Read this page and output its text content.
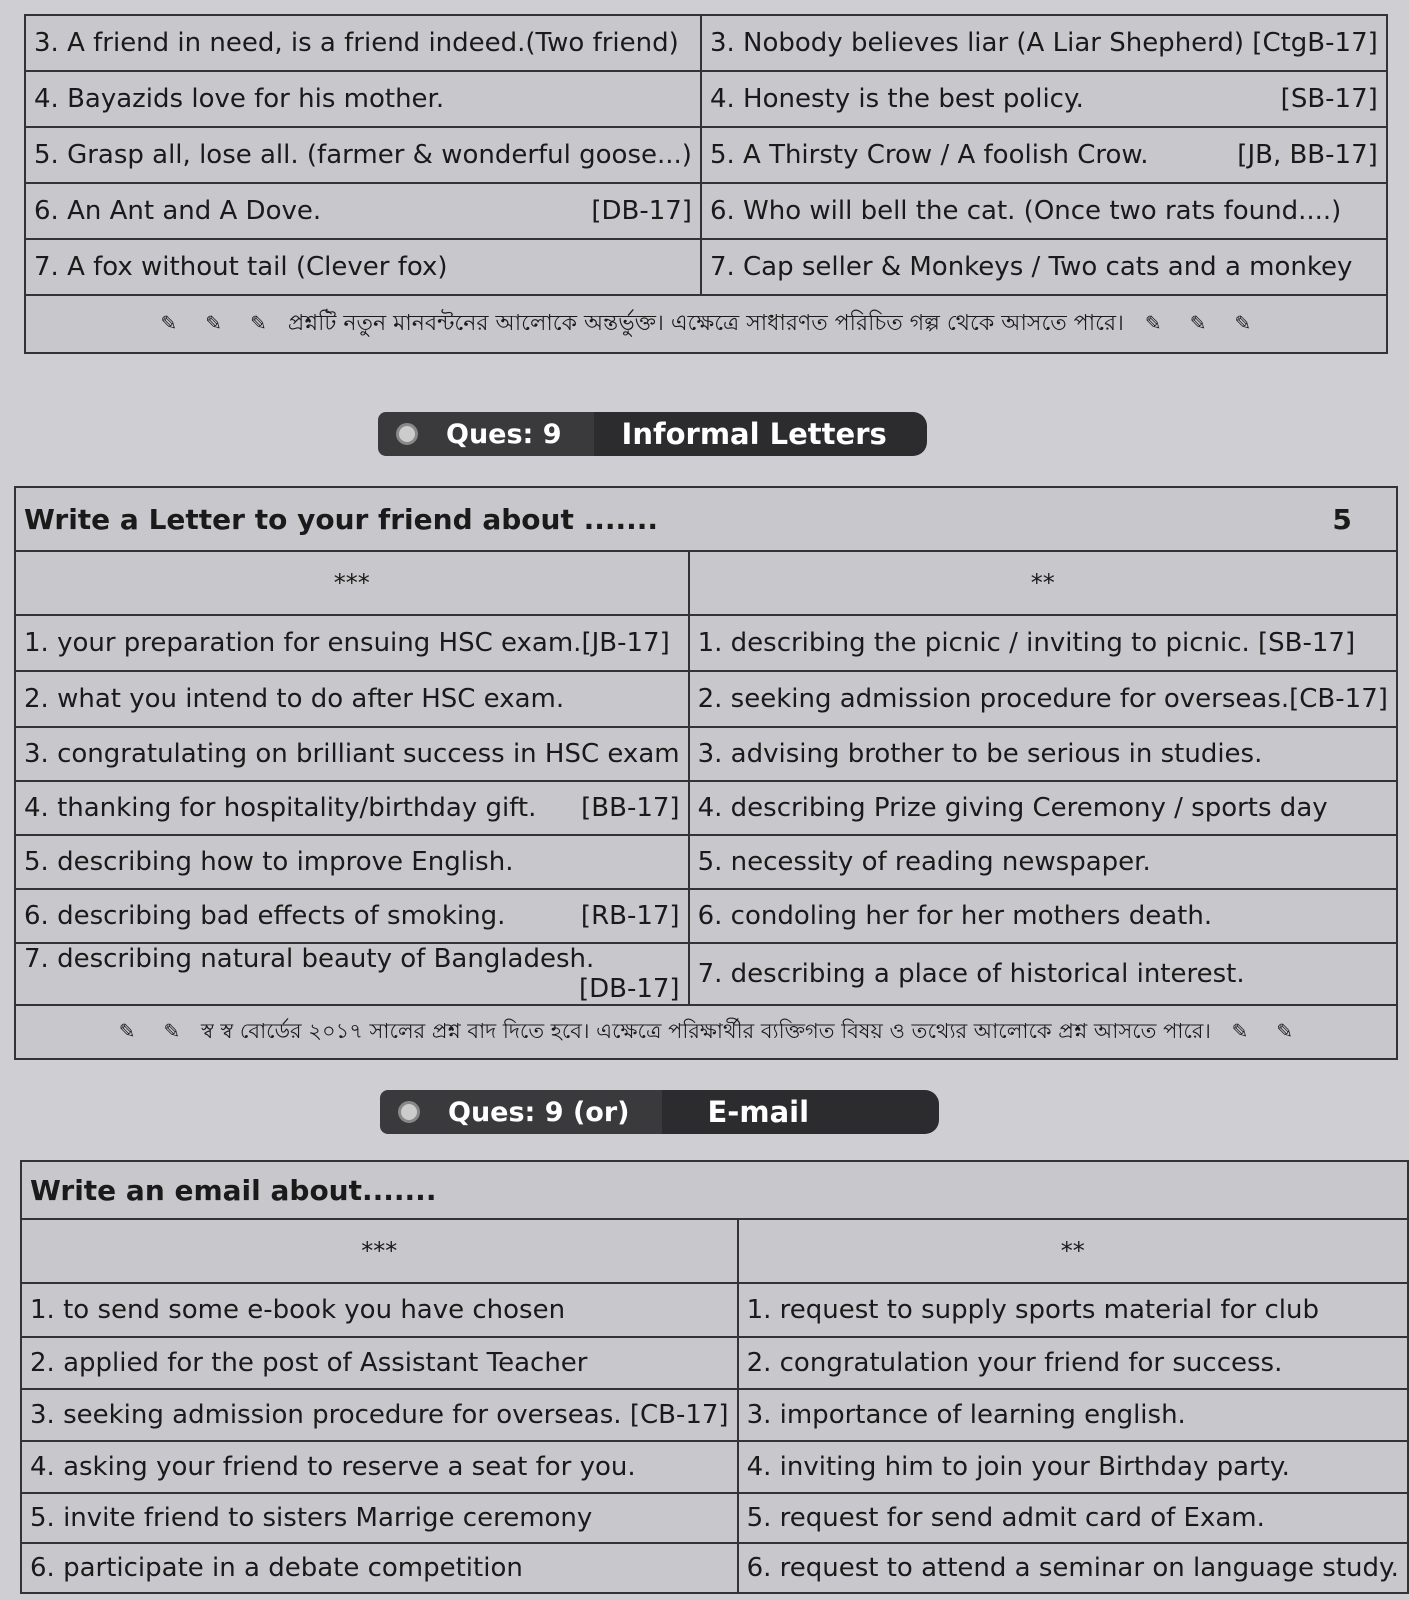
3. A friend in need, is a friend indeed.(Two friend)	3. Nobody believes liar (A Liar Shepherd) [CtgB-17]

4. Bayazids love for his mother.	4. Honesty is the best policy. [SB-17]

5. Grasp all, lose all. (farmer & wonderful goose...)	5. A Thirsty Crow / A foolish Crow. [JB, BB-17]

6. An Ant and A Dove. [DB-17]	6. Who will bell the cat. (Once two rats found....)

7. A fox without tail (Clever fox)	7. Cap seller & Monkeys / Two cats and a monkey

✎ ✎ ✎ প্রশ্নটি নতুন মানবন্টনের আলোকে অন্তর্ভুক্ত। এক্ষেত্রে সাধারণত পরিচিত গল্প থেকে আসতে পারে। ✎ ✎ ✎	
Ques: 9	Informal Letters
Write a Letter to your friend about ....... 5	

***	**
1. your preparation for ensuing HSC exam.[JB-17]	1. describing the picnic / inviting to picnic. [SB-17]
2. what you intend to do after HSC exam.	2. seeking admission procedure for overseas.[CB-17]
3. congratulating on brilliant success in HSC exam	3. advising brother to be serious in studies.
4. thanking for hospitality/birthday gift. [BB-17]	4. describing Prize giving Ceremony / sports day
5. describing how to improve English.	5. necessity of reading newspaper.
6. describing bad effects of smoking. [RB-17]	6. condoling her for her mothers death.
7. describing natural beauty of Bangladesh.
[DB-17]	7. describing a place of historical interest.
✎ ✎ স্ব স্ব বোর্ডের ২০১৭ সালের প্রশ্ন বাদ দিতে হবে। এক্ষেত্রে পরিক্ষার্থীর ব্যক্তিগত বিষয় ও তথ্যের আলোকে প্রশ্ন আসতে পারে। ✎ ✎	
Ques: 9 (or)	E-mail
Write an email about.......	
***	**
1. to send some e-book you have chosen	1. request to supply sports material for club
2. applied for the post of Assistant Teacher	2. congratulation your friend for success.
3. seeking admission procedure for overseas. [CB-17]	3. importance of learning english.
4. asking your friend to reserve a seat for you.	4. inviting him to join your Birthday party.
5. invite friend to sisters Marrige ceremony	5. request for send admit card of Exam.
6. participate in a debate competition	6. request to attend a seminar on language study.
